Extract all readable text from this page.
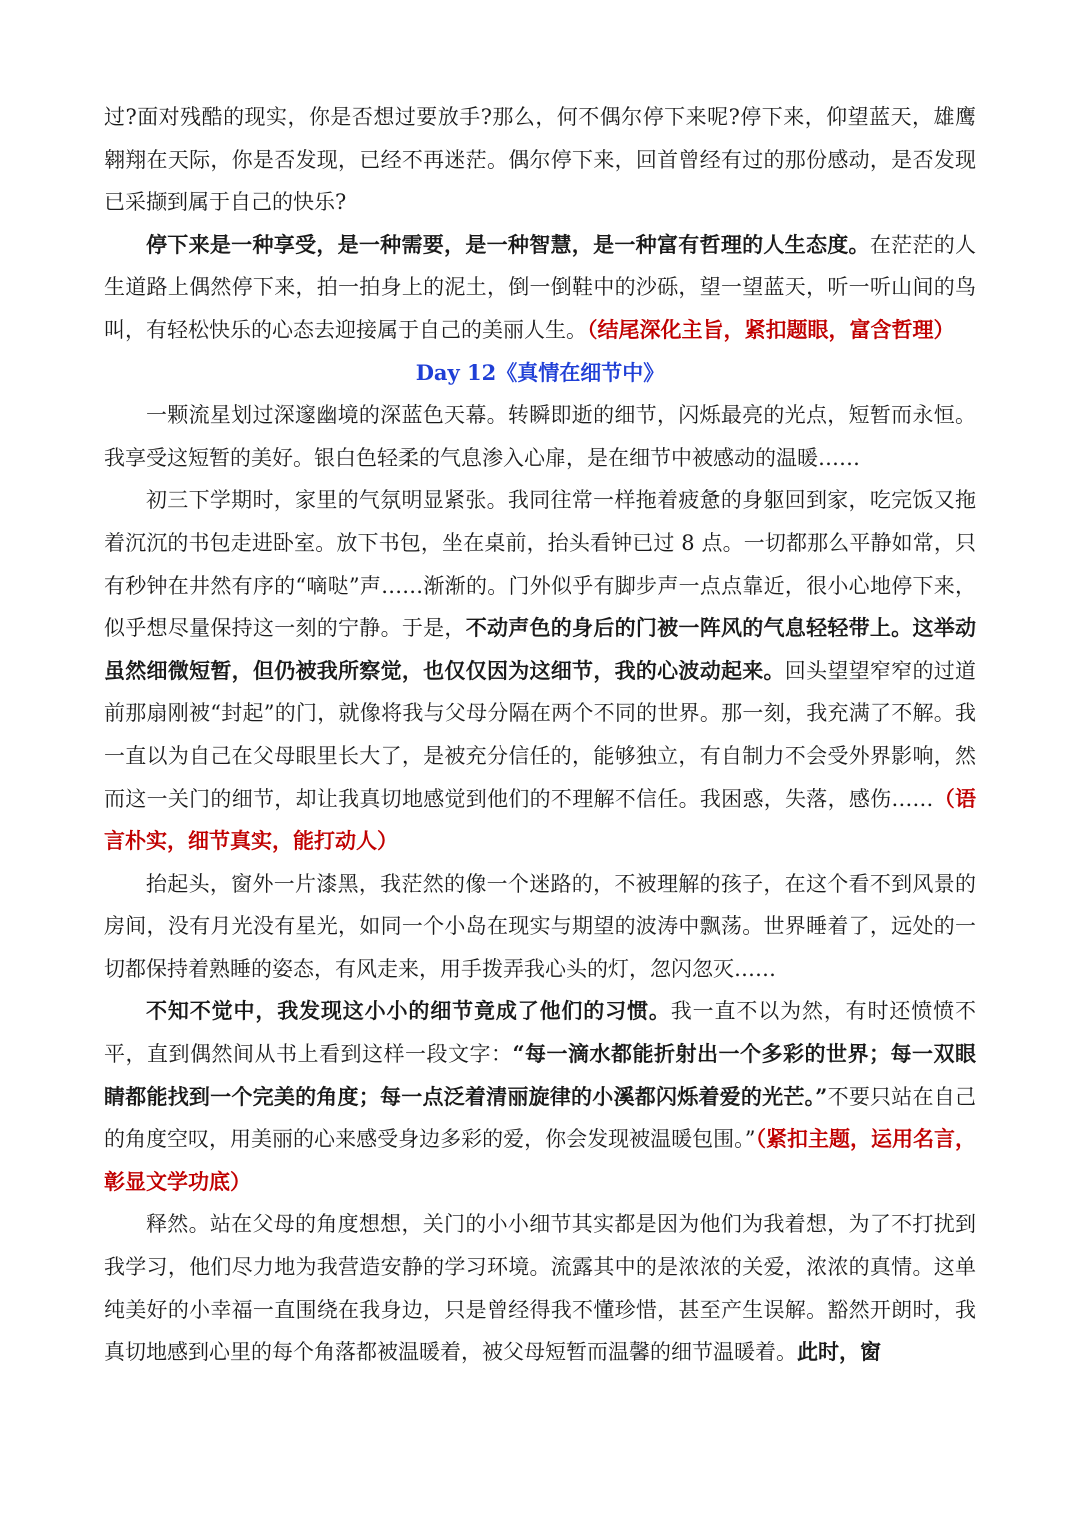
过?面对残酷的现实，你是否想过要放手?那么，何不偶尔停下来呢?停下来，仰望蓝天，雄鹰翱翔在天际，你是否发现，已经不再迷茫。偶尔停下来，回首曾经有过的那份感动，是否发现已采撷到属于自己的快乐?

停下来是一种享受，是一种需要，是一种智慧，是一种富有哲理的人生态度。在茫茫的人生道路上偶然停下来，拍一拍身上的泥土，倒一倒鞋中的沙砾，望一望蓝天，听一听山间的鸟叫，有轻松快乐的心态去迎接属于自己的美丽人生。（结尾深化主旨，紧扣题眼，富含哲理）

Day 12《真情在细节中》

一颗流星划过深邃幽境的深蓝色天幕。转瞬即逝的细节，闪烁最亮的光点，短暂而永恒。我享受这短暂的美好。银白色轻柔的气息渗入心扉，是在细节中被感动的温暖……

初三下学期时，家里的气氛明显紧张。我同往常一样拖着疲惫的身躯回到家，吃完饭又拖着沉沉的书包走进卧室。放下书包，坐在桌前，抬头看钟已过 8 点。一切都那么平静如常，只有秒钟在井然有序的“嘀哒”声……渐渐的。门外似乎有脚步声一点点靠近，很小心地停下来，似乎想尽量保持这一刻的宁静。于是，不动声色的身后的门被一阵风的气息轻轻带上。这举动虽然细微短暂，但仍被我所察觉，也仅仅因为这细节，我的心波动起来。回头望望窄窄的过道前那扇刚被“封起”的门，就像将我与父母分隔在两个不同的世界。那一刻，我充满了不解。我一直以为自己在父母眼里长大了，是被充分信任的，能够独立，有自制力不会受外界影响，然而这一关门的细节，却让我真切地感觉到他们的不理解不信任。我困惑，失落，感伤……（语言朴实，细节真实，能打动人）

抬起头，窗外一片漆黑，我茫然的像一个迷路的，不被理解的孩子，在这个看不到风景的房间，没有月光没有星光，如同一个小岛在现实与期望的波涛中飘荡。世界睡着了，远处的一切都保持着熟睡的姿态，有风走来，用手拨弄我心头的灯，忽闪忽灭……

不知不觉中，我发现这小小的细节竟成了他们的习惯。我一直不以为然，有时还愤愤不平，直到偶然间从书上看到这样一段文字：“每一滴水都能折射出一个多彩的世界；每一双眼睛都能找到一个完美的角度；每一点泛着清丽旋律的小溪都闪烁着爱的光芒。”不要只站在自己的角度空叹，用美丽的心来感受身边多彩的爱，你会发现被温暖包围。”（紧扣主题，运用名言，彰显文学功底）

释然。站在父母的角度想想，关门的小小细节其实都是因为他们为我着想，为了不打扰到我学习，他们尽力地为我营造安静的学习环境。流露其中的是浓浓的关爱，浓浓的真情。这单纯美好的小幸福一直围绕在我身边，只是曾经得我不懂珍惜，甚至产生误解。豁然开朗时，我真切地感到心里的每个角落都被温暖着，被父母短暂而温馨的细节温暖着。此时，窗
